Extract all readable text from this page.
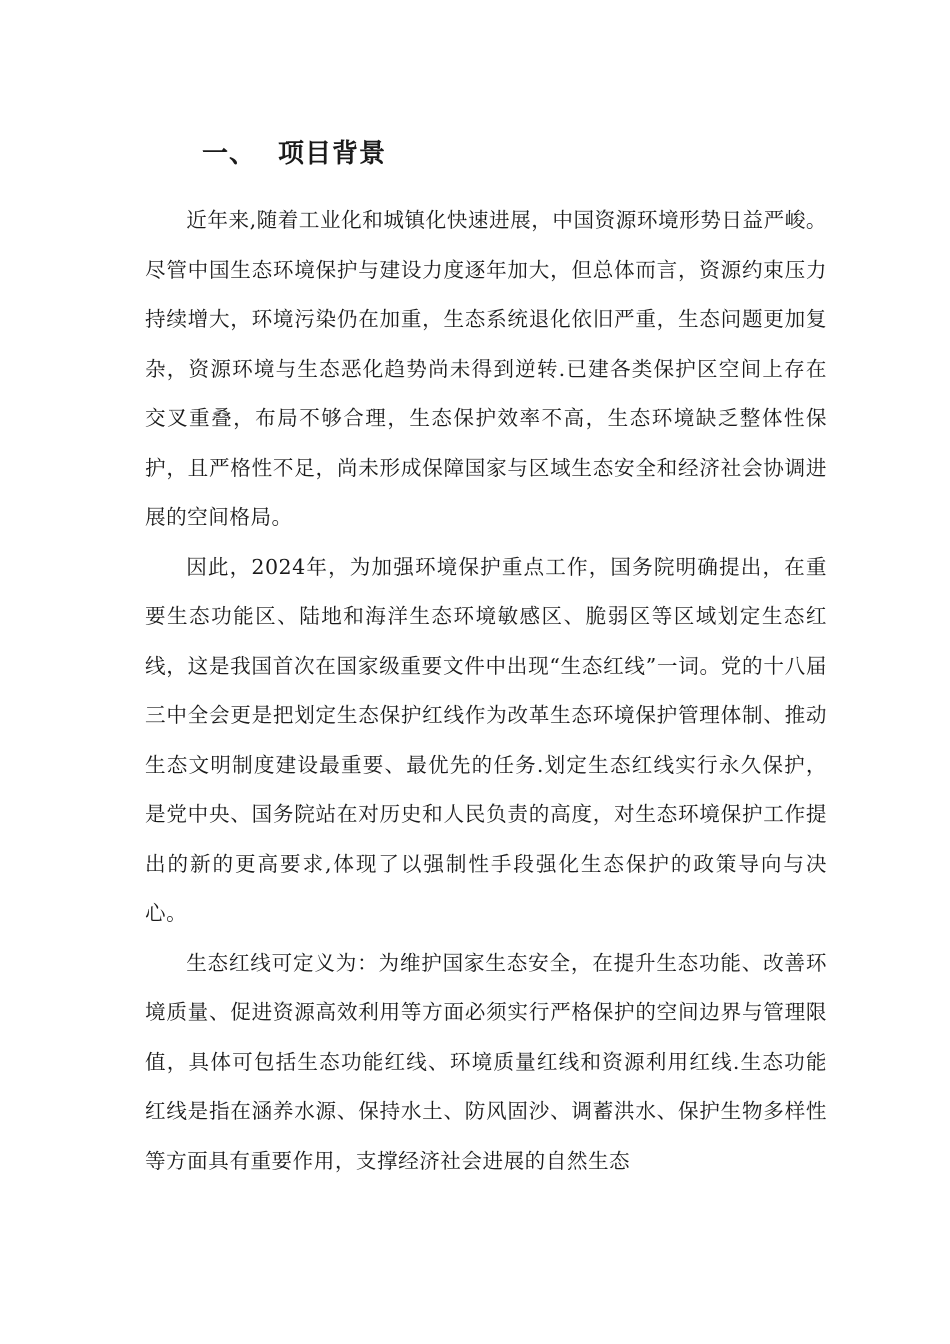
一、 项目背景

近年来,随着工业化和城镇化快速进展，中国资源环境形势日益严峻。尽管中国生态环境保护与建设力度逐年加大，但总体而言，资源约束压力持续增大，环境污染仍在加重，生态系统退化依旧严重，生态问题更加复杂，资源环境与生态恶化趋势尚未得到逆转.已建各类保护区空间上存在交叉重叠，布局不够合理，生态保护效率不高，生态环境缺乏整体性保护，且严格性不足，尚未形成保障国家与区域生态安全和经济社会协调进展的空间格局。

因此，2024年，为加强环境保护重点工作，国务院明确提出，在重要生态功能区、陆地和海洋生态环境敏感区、脆弱区等区域划定生态红线，这是我国首次在国家级重要文件中出现“生态红线”一词。党的十八届三中全会更是把划定生态保护红线作为改革生态环境保护管理体制、推动生态文明制度建设最重要、最优先的任务.划定生态红线实行永久保护，是党中央、国务院站在对历史和人民负责的高度，对生态环境保护工作提出的新的更高要求,体现了以强制性手段强化生态保护的政策导向与决心。

生态红线可定义为：为维护国家生态安全，在提升生态功能、改善环境质量、促进资源高效利用等方面必须实行严格保护的空间边界与管理限值，具体可包括生态功能红线、环境质量红线和资源利用红线.生态功能红线是指在涵养水源、保持水土、防风固沙、调蓄洪水、保护生物多样性等方面具有重要作用，支撑经济社会进展的自然生态
